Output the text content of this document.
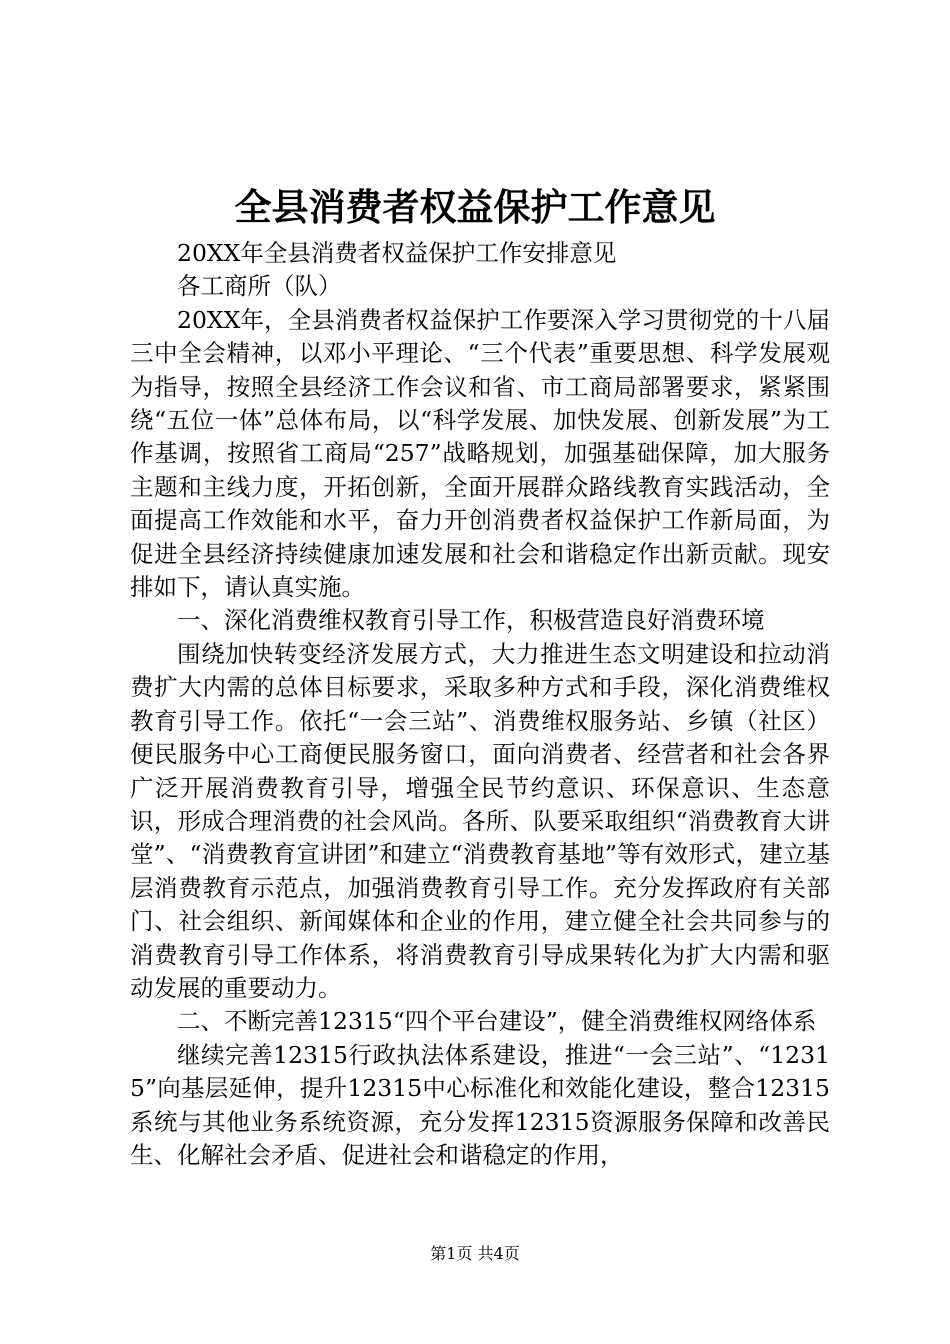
全县消费者权益保护工作意见

20XX年全县消费者权益保护工作安排意见

各工商所（队）

20XX年，全县消费者权益保护工作要深入学习贯彻党的十八届三中全会精神，以邓小平理论、“三个代表”重要思想、科学发展观为指导，按照全县经济工作会议和省、市工商局部署要求，紧紧围绕“五位一体”总体布局，以“科学发展、加快发展、创新发展”为工作基调，按照省工商局“257”战略规划，加强基础保障，加大服务主题和主线力度，开拓创新，全面开展群众路线教育实践活动，全面提高工作效能和水平，奋力开创消费者权益保护工作新局面，为促进全县经济持续健康加速发展和社会和谐稳定作出新贡献。现安排如下，请认真实施。

一、深化消费维权教育引导工作，积极营造良好消费环境

围绕加快转变经济发展方式，大力推进生态文明建设和拉动消费扩大内需的总体目标要求，采取多种方式和手段，深化消费维权教育引导工作。依托“一会三站”、消费维权服务站、乡镇（社区）便民服务中心工商便民服务窗口，面向消费者、经营者和社会各界广泛开展消费教育引导，增强全民节约意识、环保意识、生态意识，形成合理消费的社会风尚。各所、队要采取组织“消费教育大讲堂”、“消费教育宣讲团”和建立“消费教育基地”等有效形式，建立基层消费教育示范点，加强消费教育引导工作。充分发挥政府有关部门、社会组织、新闻媒体和企业的作用，建立健全社会共同参与的消费教育引导工作体系，将消费教育引导成果转化为扩大内需和驱动发展的重要动力。

二、不断完善12315“四个平台建设”，健全消费维权网络体系

继续完善12315行政执法体系建设，推进“一会三站”、“12315”向基层延伸，提升12315中心标准化和效能化建设，整合12315系统与其他业务系统资源，充分发挥12315资源服务保障和改善民生、化解社会矛盾、促进社会和谐稳定的作用，

第1页 共4页
